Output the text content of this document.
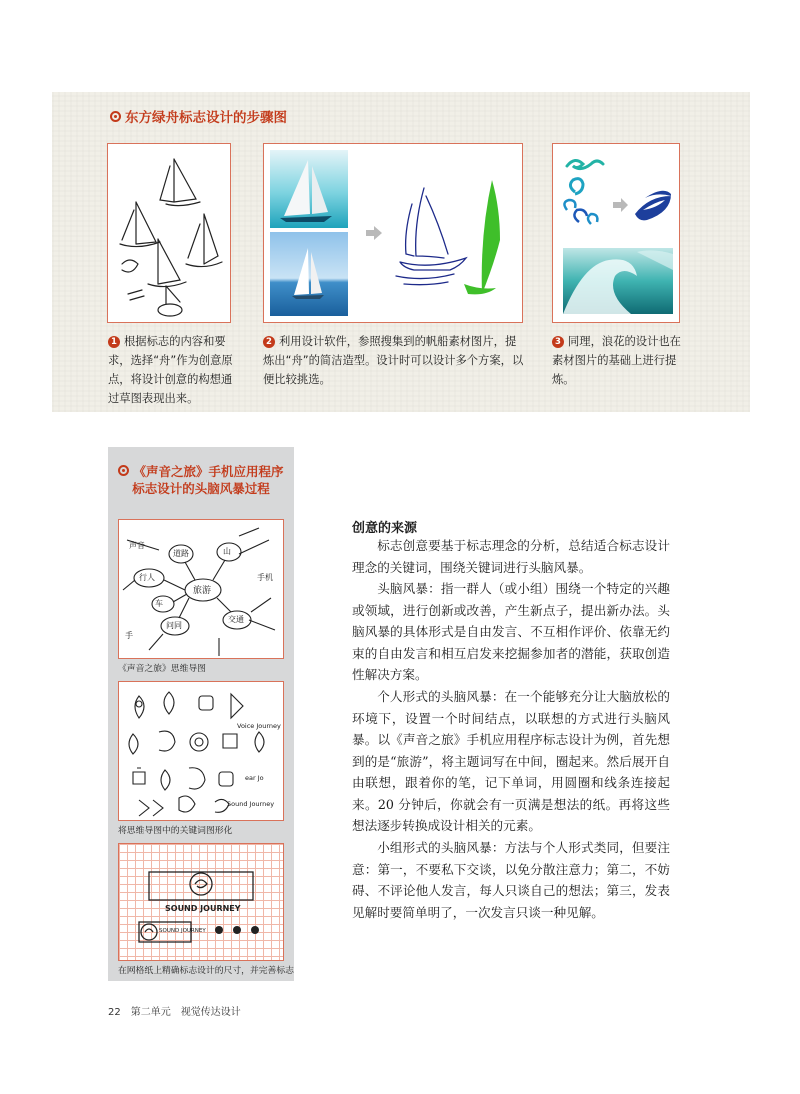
东方绿舟标志设计的步骤图
1 根据标志的内容和要求，选择“舟”作为创意原点，将设计创意的构想通过草图表现出来。
2 利用设计软件，参照搜集到的帆船素材图片，提炼出“舟”的简洁造型。设计时可以设计多个方案，以便比较挑选。
3 同理，浪花的设计也在素材图片的基础上进行提炼。
《声音之旅》手机应用程序
标志设计的头脑风暴过程
旅游
行人
道路
问同
交通
山
手机
声音
车
手
《声音之旅》思维导图
Voice Journey
ear Jo
Sound Journey
将思维导图中的关键词图形化
SOUND JOURNEY
SOUND JOURNEY
在网格纸上精确标志设计的尺寸，并完善标志
创意的来源

标志创意要基于标志理念的分析，总结适合标志设计理念的关键词，围绕关键词进行头脑风暴。

头脑风暴：指一群人（或小组）围绕一个特定的兴趣或领域，进行创新或改善，产生新点子，提出新办法。头脑风暴的具体形式是自由发言、不互相作评价、依靠无约束的自由发言和相互启发来挖掘参加者的潜能，获取创造性解决方案。

个人形式的头脑风暴：在一个能够充分让大脑放松的环境下，设置一个时间结点，以联想的方式进行头脑风暴。以《声音之旅》手机应用程序标志设计为例，首先想到的是“旅游”，将主题词写在中间，圈起来。然后展开自由联想，跟着你的笔，记下单词，用圆圈和线条连接起来。20 分钟后，你就会有一页满是想法的纸。再将这些想法逐步转换成设计相关的元素。

小组形式的头脑风暴：方法与个人形式类同，但要注意：第一，不要私下交谈，以免分散注意力；第二，不妨碍、不评论他人发言，每人只谈自己的想法；第三，发表见解时要简单明了，一次发言只谈一种见解。

22 第二单元 视觉传达设计
